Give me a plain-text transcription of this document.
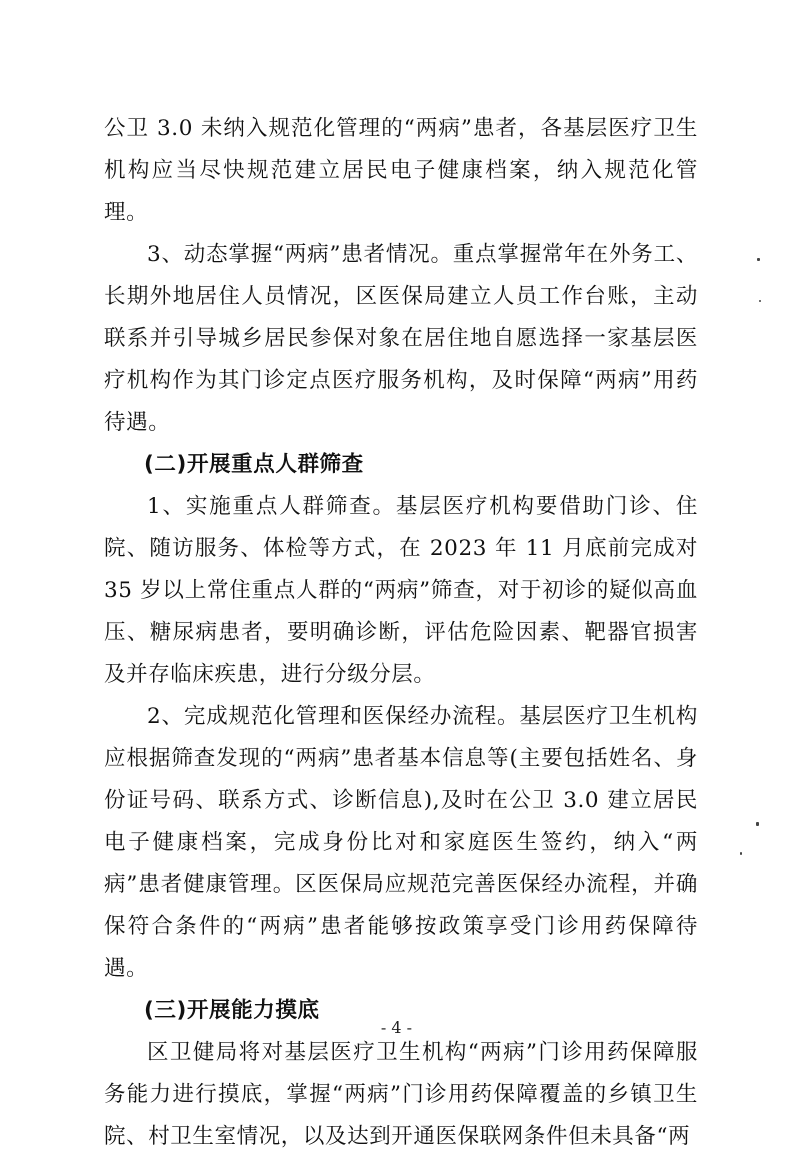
公卫 3.0 未纳入规范化管理的“两病”患者，各基层医疗卫生机构应当尽快规范建立居民电子健康档案，纳入规范化管理。

3、动态掌握“两病”患者情况。重点掌握常年在外务工、长期外地居住人员情况，区医保局建立人员工作台账，主动联系并引导城乡居民参保对象在居住地自愿选择一家基层医疗机构作为其门诊定点医疗服务机构，及时保障“两病”用药待遇。

(二)开展重点人群筛查

1、实施重点人群筛查。基层医疗机构要借助门诊、住院、随访服务、体检等方式，在 2023 年 11 月底前完成对 35 岁以上常住重点人群的“两病”筛查，对于初诊的疑似高血压、糖尿病患者，要明确诊断，评估危险因素、靶器官损害及并存临床疾患，进行分级分层。

2、完成规范化管理和医保经办流程。基层医疗卫生机构应根据筛查发现的“两病”患者基本信息等(主要包括姓名、身份证号码、联系方式、诊断信息),及时在公卫 3.0 建立居民电子健康档案，完成身份比对和家庭医生签约，纳入“两病”患者健康管理。区医保局应规范完善医保经办流程，并确保符合条件的“两病”患者能够按政策享受门诊用药保障待遇。

(三)开展能力摸底

区卫健局将对基层医疗卫生机构“两病”门诊用药保障服务能力进行摸底，掌握“两病”门诊用药保障覆盖的乡镇卫生院、村卫生室情况，以及达到开通医保联网条件但未具备“两

- 4 -
